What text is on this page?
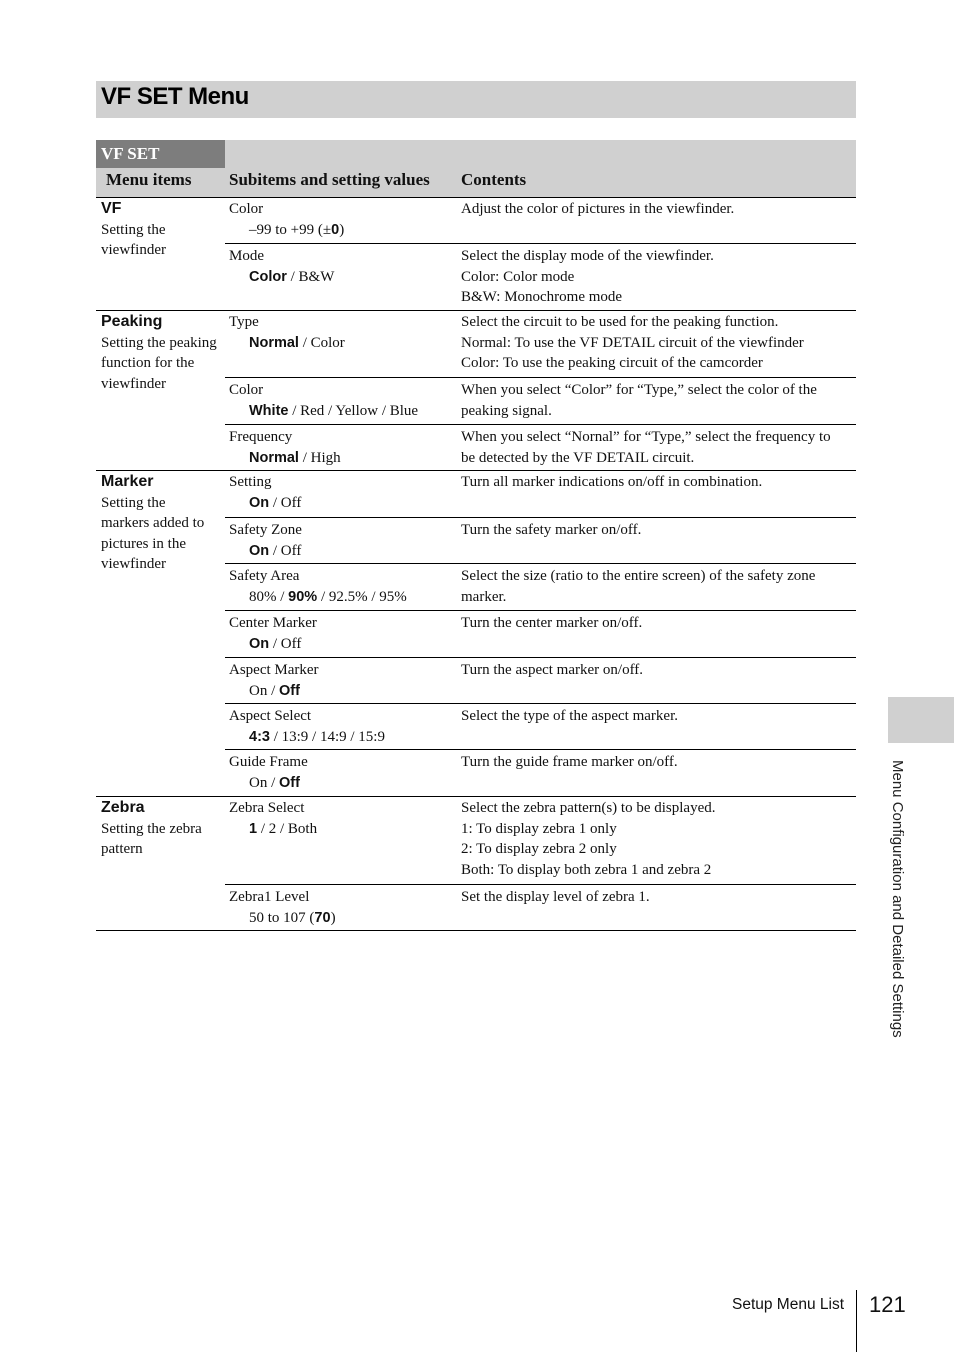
VF SET Menu
VF SET
Menu items Subitems and setting values Contents
VF
Setting the
viewfinder
Color
–99 to +99 (±0)
Adjust the color of pictures in the viewfinder.
Mode
Color / B&W
Select the display mode of the viewfinder.
Color: Color mode
B&W: Monochrome mode
Peaking
Setting the peaking
function for the
viewfinder
Type
Normal / Color
Select the circuit to be used for the peaking function.
Normal: To use the VF DETAIL circuit of the viewfinder
Color: To use the peaking circuit of the camcorder
Color
White / Red / Yellow / Blue
When you select “Color” for “Type,” select the color of the
peaking signal.
Frequency
Normal / High
When you select “Nornal” for “Type,” select the frequency to
be detected by the VF DETAIL circuit.
Marker
Setting the
markers added to
pictures in the
viewfinder
Setting
On / Off
Turn all marker indications on/off in combination.
Safety Zone
On / Off
Turn the safety marker on/off.
Safety Area
80% / 90% / 92.5% / 95%
Select the size (ratio to the entire screen) of the safety zone
marker.
Center Marker
On / Off
Turn the center marker on/off.
Aspect Marker
On / Off
Turn the aspect marker on/off.
Aspect Select
4:3 / 13:9 / 14:9 / 15:9
Select the type of the aspect marker.
Guide Frame
On / Off
Turn the guide frame marker on/off.
Zebra
Setting the zebra
pattern
Zebra Select
1 / 2 / Both
Select the zebra pattern(s) to be displayed.
1: To display zebra 1 only
2: To display zebra 2 only
Both: To display both zebra 1 and zebra 2
Zebra1 Level
50 to 107 (70)
Set the display level of zebra 1.	Menu Configuration and Detailed Settings
Setup Menu List 121
